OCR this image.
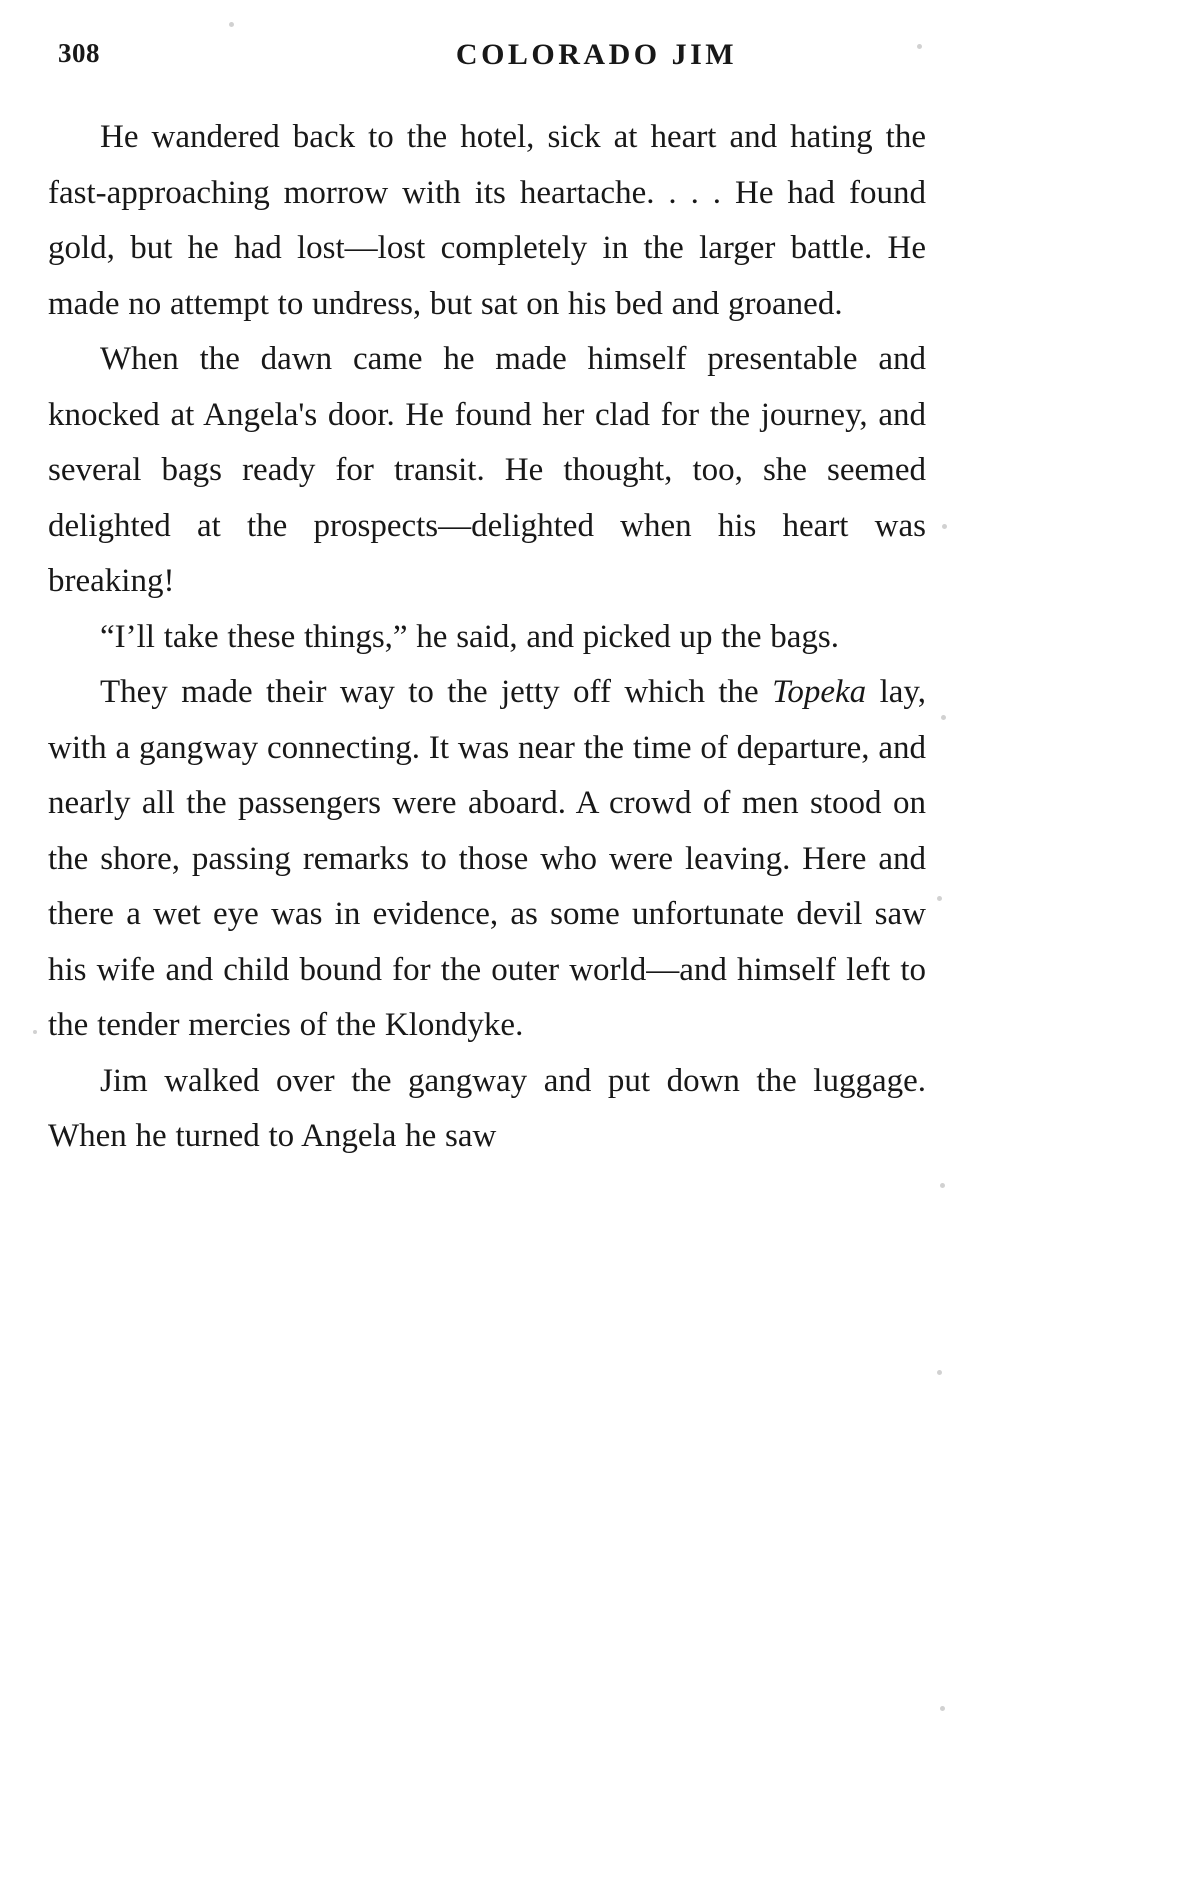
308	COLORADO JIM

He wandered back to the hotel, sick at heart and hating the fast-approaching morrow with its heartache. . . . He had found gold, but he had lost—lost completely in the larger battle. He made no attempt to undress, but sat on his bed and groaned.

When the dawn came he made himself presentable and knocked at Angela's door. He found her clad for the journey, and several bags ready for transit. He thought, too, she seemed delighted at the prospects—delighted when his heart was breaking!

“I’ll take these things,” he said, and picked up the bags.

They made their way to the jetty off which the Topeka lay, with a gangway connecting. It was near the time of departure, and nearly all the passengers were aboard. A crowd of men stood on the shore, passing remarks to those who were leaving. Here and there a wet eye was in evidence, as some unfortunate devil saw his wife and child bound for the outer world—and himself left to the tender mercies of the Klondyke.

Jim walked over the gangway and put down the luggage. When he turned to Angela he saw
